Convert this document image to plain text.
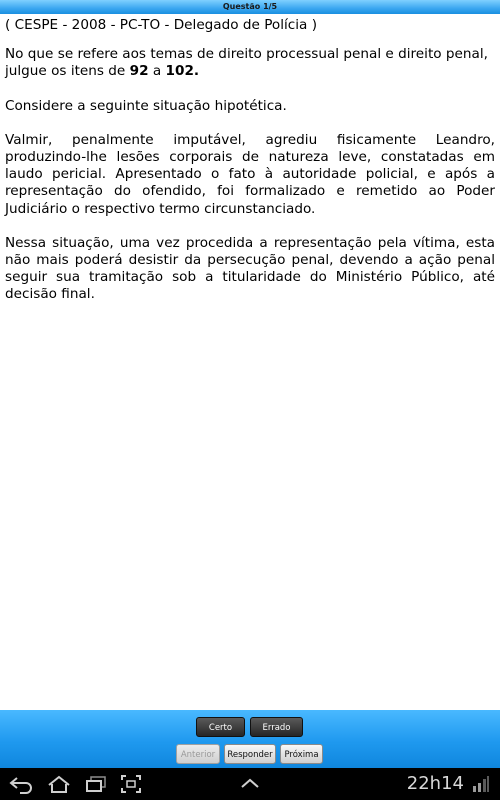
Questão 1/5

( CESPE - 2008 - PC-TO - Delegado de Polícia )

No que se refere aos temas de direito processual penal e direito penal, julgue os itens de 92 a 102.

Considere a seguinte situação hipotética.

Valmir, penalmente imputável, agrediu fisicamente Leandro, produzindo-lhe lesões corporais de natureza leve, constatadas em laudo pericial. Apresentado o fato à autoridade policial, e após a representação do ofendido, foi formalizado e remetido ao Poder Judiciário o respectivo termo circunstanciado.

Nessa situação, uma vez procedida a representação pela vítima, esta não mais poderá desistir da persecução penal, devendo a ação penal seguir sua tramitação sob a titularidade do Ministério Público, até decisão final.

Certo	Errado
Anterior	Responder	Próxima
22h14
